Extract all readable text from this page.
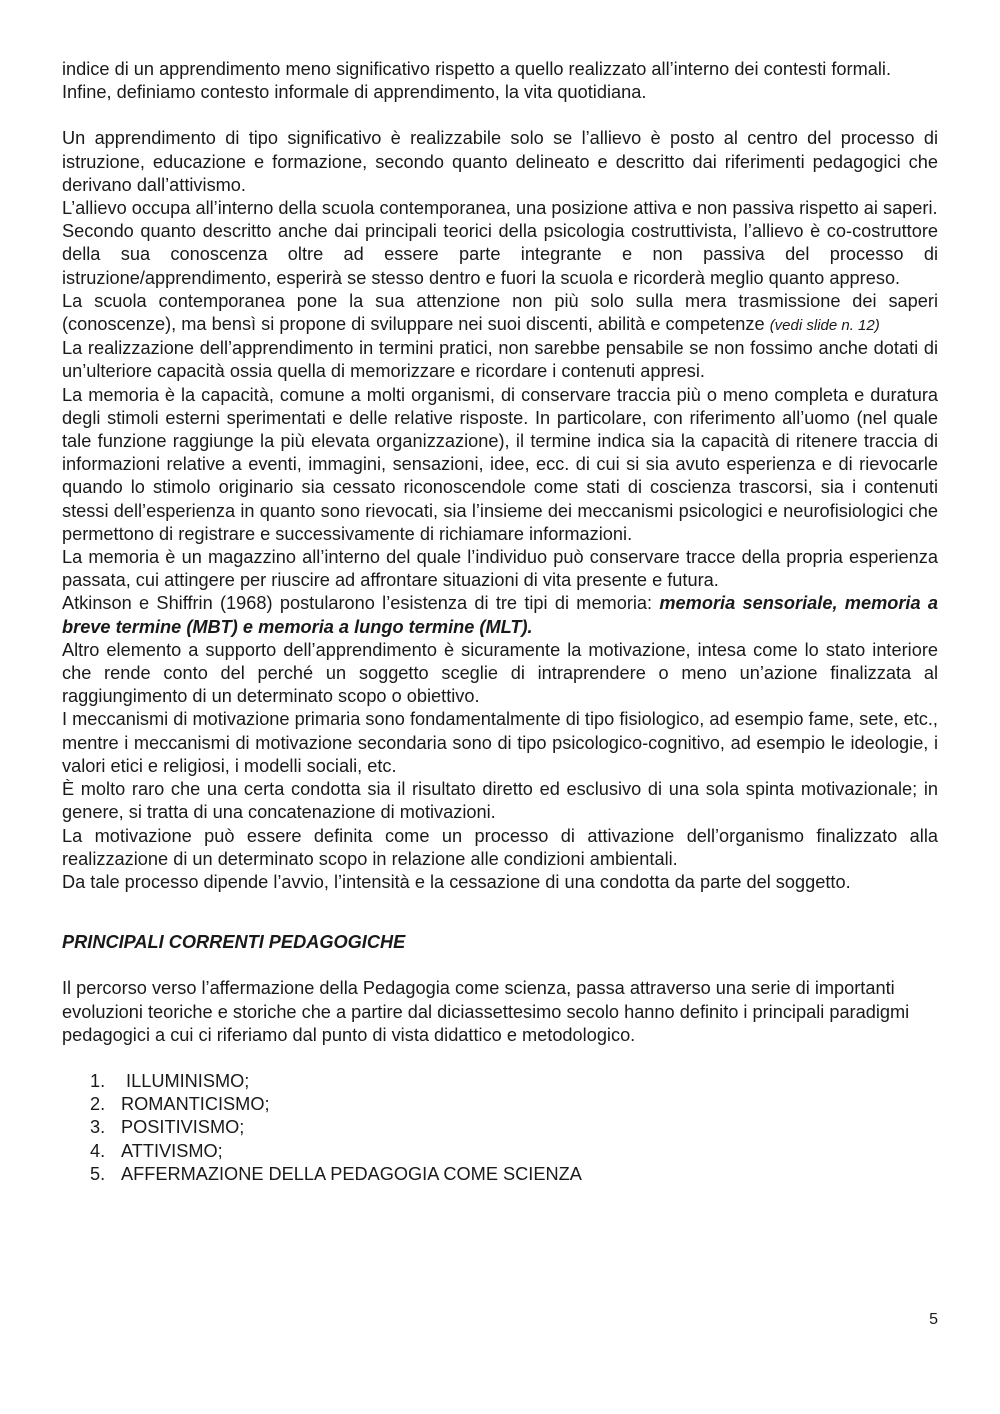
indice di un apprendimento meno significativo rispetto a quello realizzato all’interno dei contesti formali.

Infine, definiamo contesto informale di apprendimento, la vita quotidiana.

Un apprendimento di tipo significativo è realizzabile solo se l’allievo è posto al centro del processo di istruzione, educazione e formazione, secondo quanto delineato e descritto dai riferimenti pedagogici che derivano dall’attivismo.

L’allievo occupa all’interno della scuola contemporanea, una posizione attiva e non passiva rispetto ai saperi.

Secondo quanto descritto anche dai principali teorici della psicologia costruttivista, l’allievo è co-costruttore della sua conoscenza oltre ad essere parte integrante e non passiva del processo di istruzione/apprendimento, esperirà se stesso dentro e fuori la scuola e ricorderà meglio quanto appreso.

La scuola contemporanea pone la sua attenzione non più solo sulla mera trasmissione dei saperi (conoscenze), ma bensì si propone di sviluppare nei suoi discenti, abilità e competenze (vedi slide n. 12)

La realizzazione dell’apprendimento in termini pratici, non sarebbe pensabile se non fossimo anche dotati di un’ulteriore capacità ossia quella di memorizzare e ricordare i contenuti appresi.

La memoria è la capacità, comune a molti organismi, di conservare traccia più o meno completa e duratura degli stimoli esterni sperimentati e delle relative risposte. In particolare, con riferimento all’uomo (nel quale tale funzione raggiunge la più elevata organizzazione), il termine indica sia la capacità di ritenere traccia di informazioni relative a eventi, immagini, sensazioni, idee, ecc. di cui si sia avuto esperienza e di rievocarle quando lo stimolo originario sia cessato riconoscendole come stati di coscienza trascorsi, sia i contenuti stessi dell’esperienza in quanto sono rievocati, sia l’insieme dei meccanismi psicologici e neurofisiologici che permettono di registrare e successivamente di richiamare informazioni.

La memoria è un magazzino all’interno del quale l’individuo può conservare tracce della propria esperienza passata, cui attingere per riuscire ad affrontare situazioni di vita presente e futura.

Atkinson e Shiffrin (1968) postularono l’esistenza di tre tipi di memoria: memoria sensoriale, memoria a breve termine (MBT) e memoria a lungo termine (MLT).

Altro elemento a supporto dell’apprendimento è sicuramente la motivazione, intesa come lo stato interiore che rende conto del perché un soggetto sceglie di intraprendere o meno un’azione finalizzata al raggiungimento di un determinato scopo o obiettivo.

I meccanismi di motivazione primaria sono fondamentalmente di tipo fisiologico, ad esempio fame, sete, etc., mentre i meccanismi di motivazione secondaria sono di tipo psicologico-cognitivo, ad esempio le ideologie, i valori etici e religiosi, i modelli sociali, etc.

È molto raro che una certa condotta sia il risultato diretto ed esclusivo di una sola spinta motivazionale; in genere, si tratta di una concatenazione di motivazioni.

La motivazione può essere definita come un processo di attivazione dell’organismo finalizzato alla realizzazione di un determinato scopo in relazione alle condizioni ambientali.

Da tale processo dipende l’avvio, l’intensità e la cessazione di una condotta da parte del soggetto.

PRINCIPALI CORRENTI PEDAGOGICHE

Il percorso verso l’affermazione della Pedagogia come scienza, passa attraverso una serie di importanti evoluzioni teoriche e storiche che a partire dal diciassettesimo secolo hanno definito i principali paradigmi pedagogici a cui ci riferiamo dal punto di vista didattico e metodologico.

1. ILLUMINISMO;
2. ROMANTICISMO;
3. POSITIVISMO;
4. ATTIVISMO;
5. AFFERMAZIONE DELLA PEDAGOGIA COME SCIENZA
5
